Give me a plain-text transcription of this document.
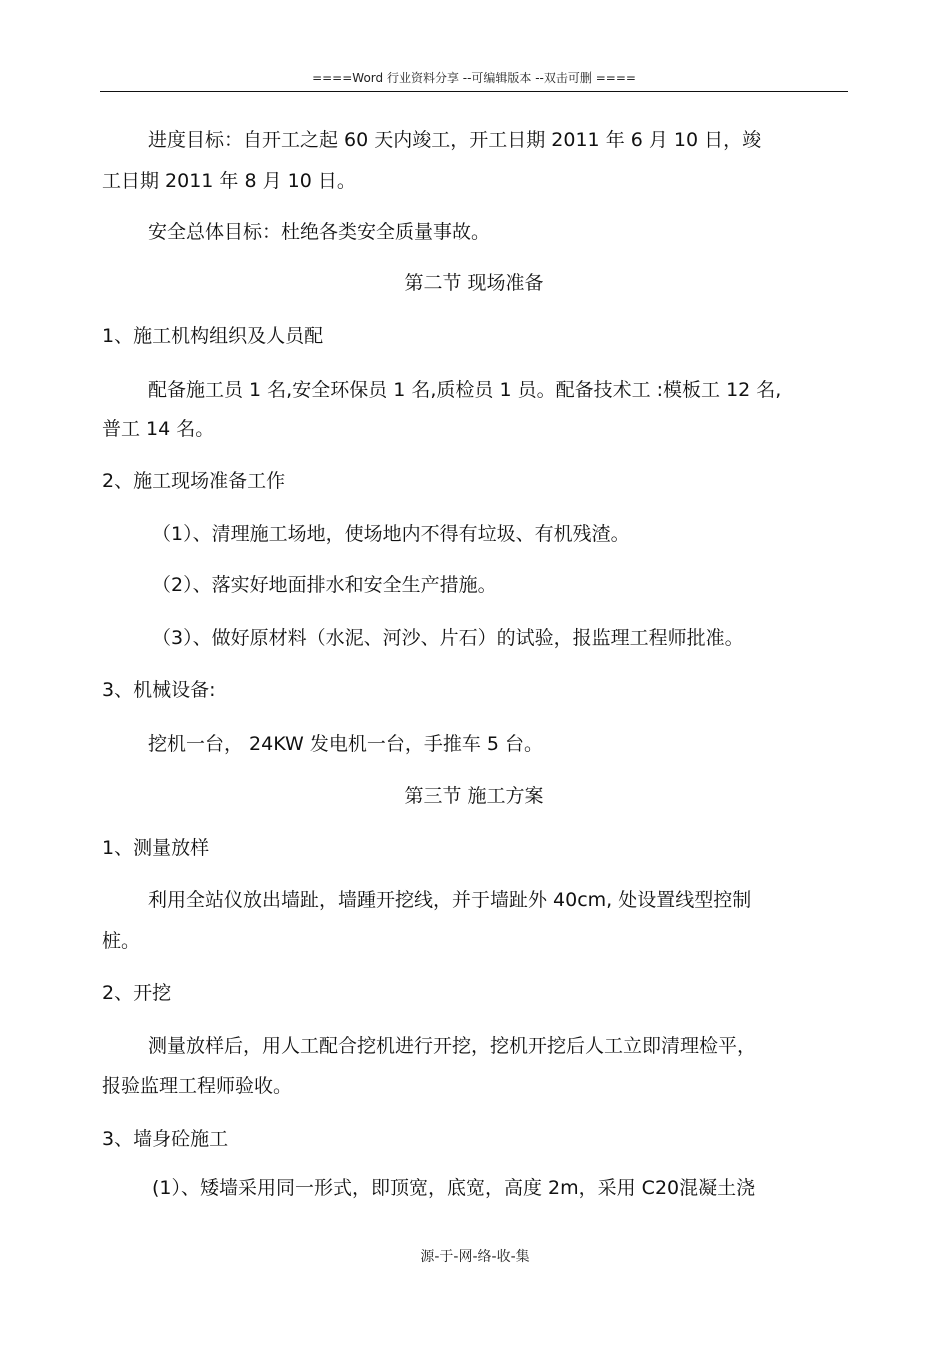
====Word 行业资料分享 --可编辑版本 --双击可删 ====
进度目标：自开工之起 60 天内竣工，开工日期 2011 年 6 月 10 日，竣
工日期 2011 年 8 月 10 日。
安全总体目标：杜绝各类安全质量事故。
第二节 现场准备
1、施工机构组织及人员配
配备施工员 1 名,安全环保员 1 名,质检员 1 员。配备技术工 :模板工 12 名,
普工 14 名。
2、施工现场准备工作
（1）、清理施工场地，使场地内不得有垃圾、有机残渣。
（2）、落实好地面排水和安全生产措施。
（3）、做好原材料（水泥、河沙、片石）的试验，报监理工程师批准。
3、机械设备:
挖机一台， 24KW 发电机一台，手推车 5 台。
第三节 施工方案
1、测量放样
利用全站仪放出墙趾，墙踵开挖线，并于墙趾外 40cm, 处设置线型控制
桩。
2、开挖
测量放样后，用人工配合挖机进行开挖，挖机开挖后人工立即清理检平，
报验监理工程师验收。
3、墙身砼施工
(1）、矮墙采用同一形式，即顶宽，底宽，高度 2m，采用 C20混凝土浇
源-于-网-络-收-集
